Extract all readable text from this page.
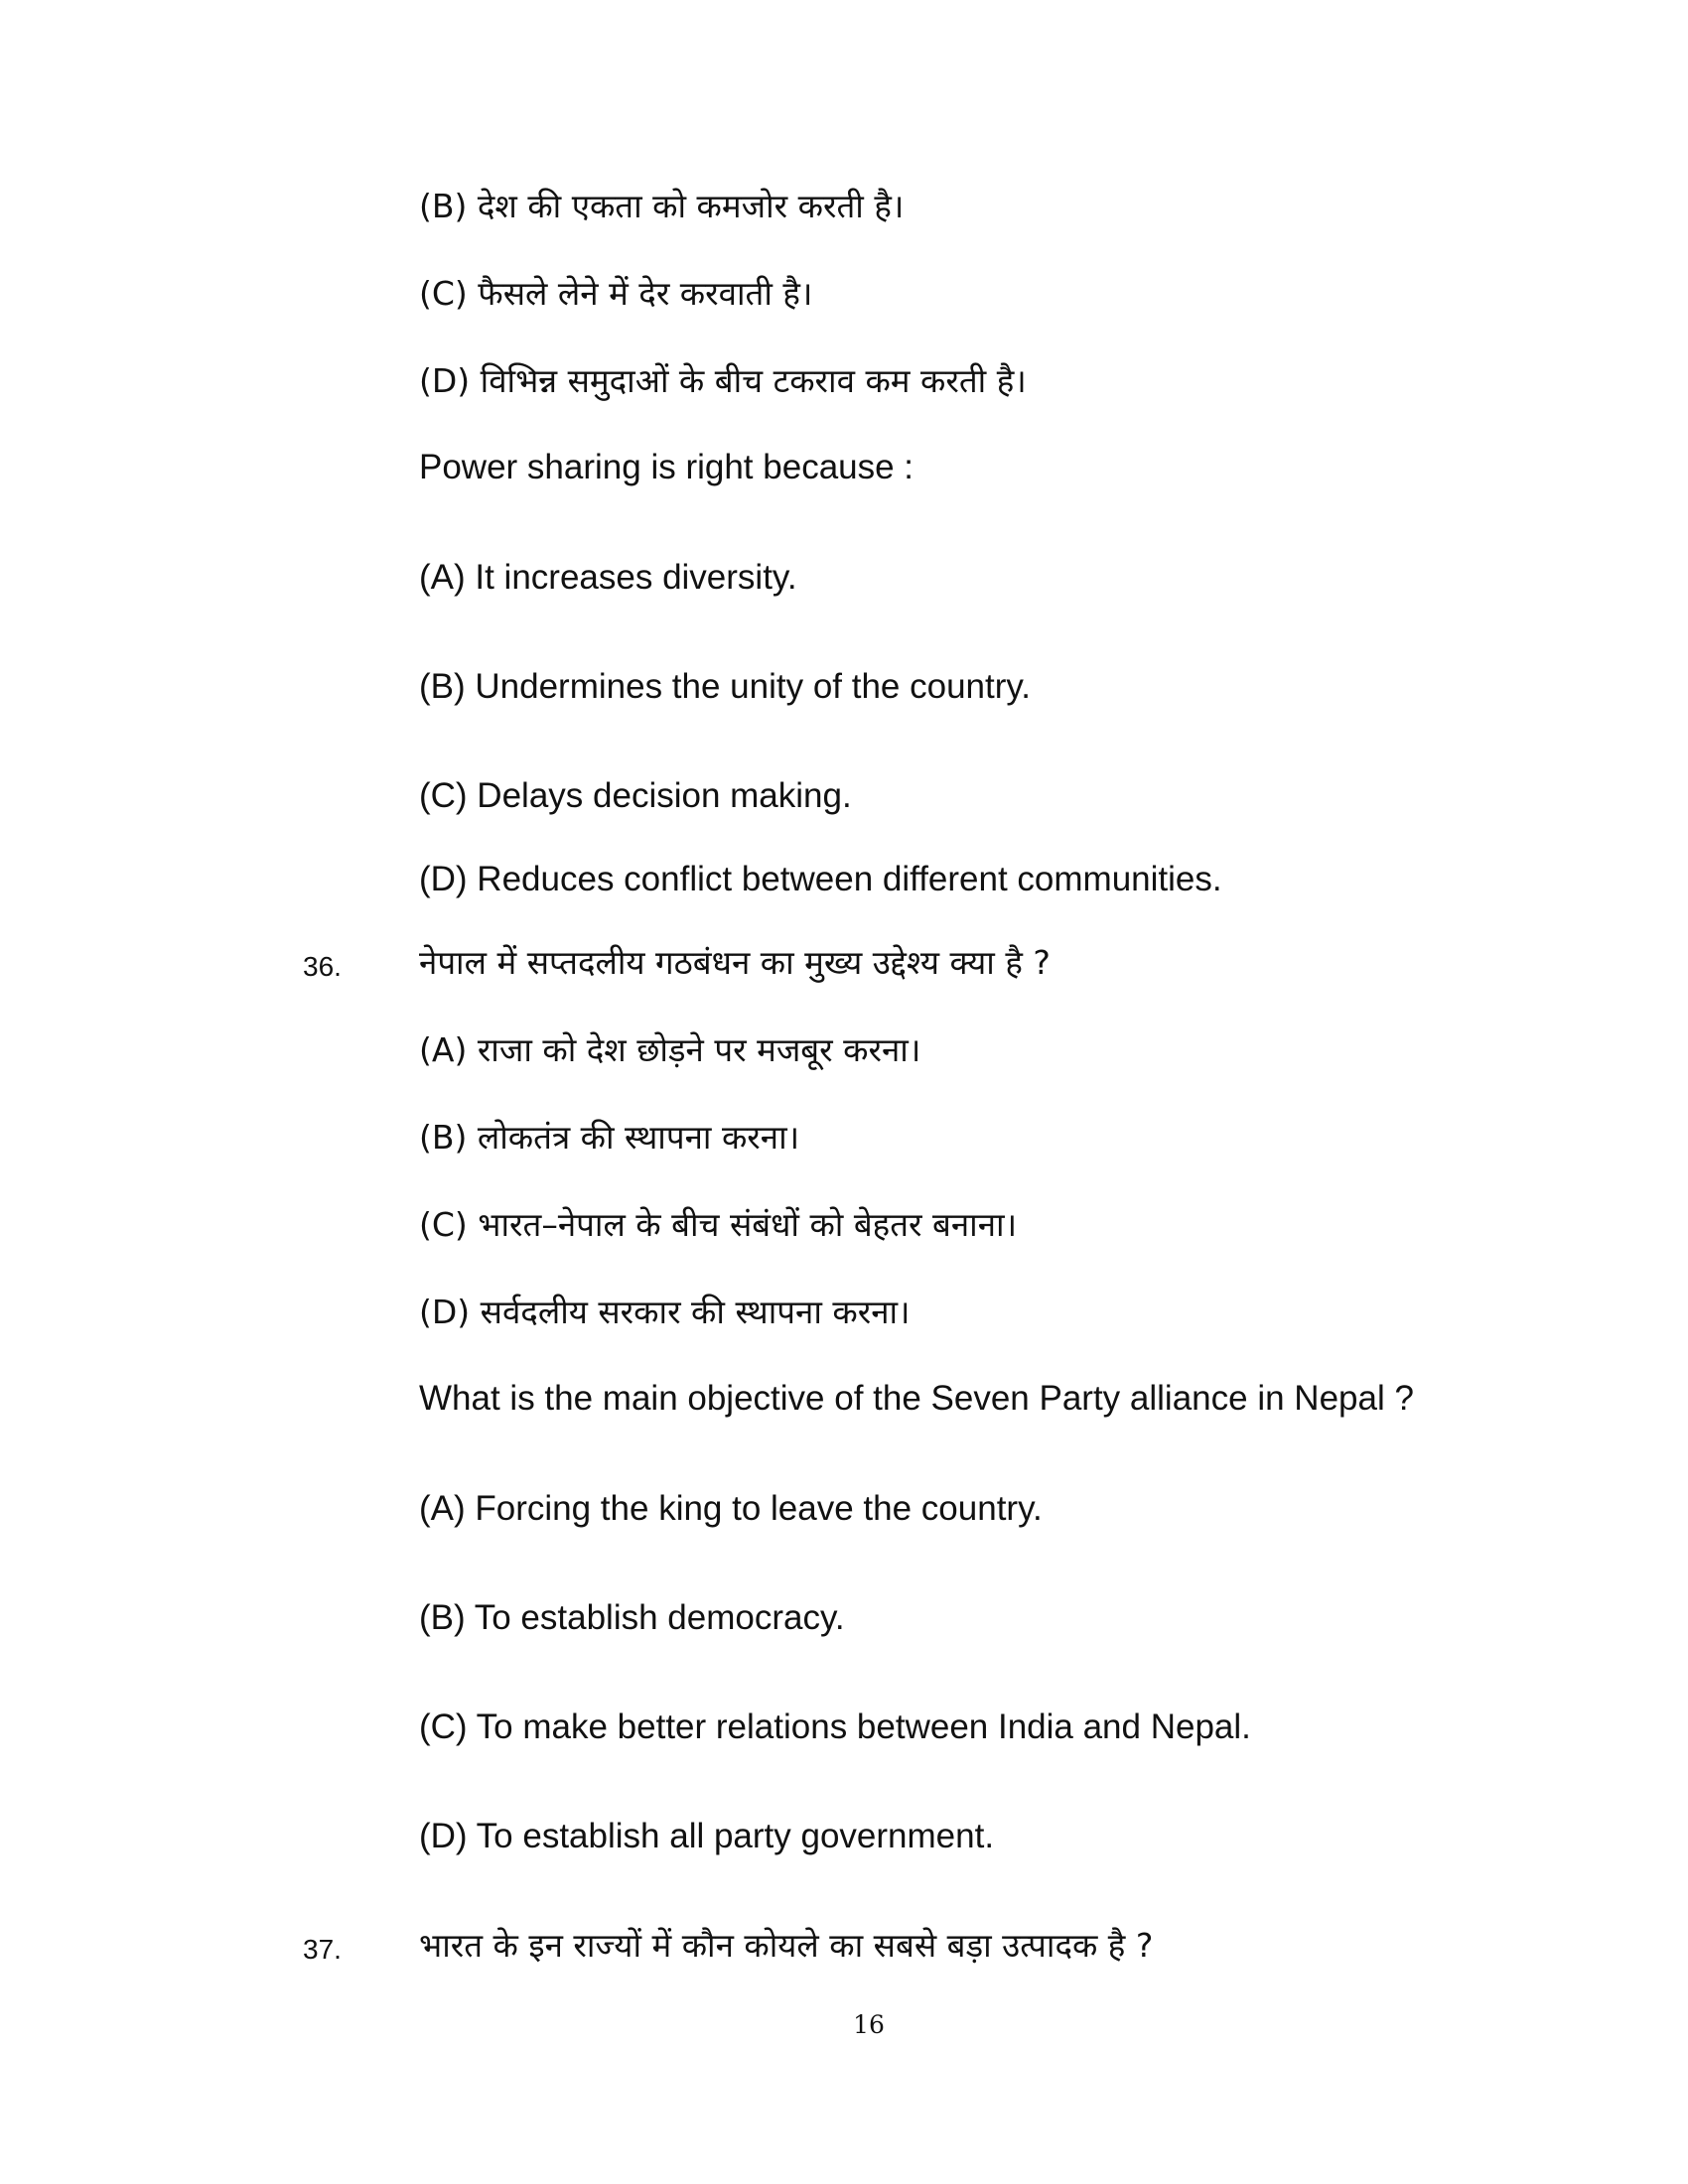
(B) देश की एकता को कमजोर करती है।
(C) फैसले लेने में देर करवाती है।
(D) विभिन्न समुदाओं के बीच टकराव कम करती है।
Power sharing is right because :
(A) It increases diversity.
(B) Undermines the unity of the country.
(C) Delays decision making.
(D) Reduces conflict between different communities.
36. नेपाल में सप्तदलीय गठबंधन का मुख्य उद्देश्य क्या है ?
(A) राजा को देश छोड़ने पर मजबूर करना।
(B) लोकतंत्र की स्थापना करना।
(C) भारत–नेपाल के बीच संबंधों को बेहतर बनाना।
(D) सर्वदलीय सरकार की स्थापना करना।
What is the main objective of the Seven Party alliance in Nepal ?
(A) Forcing the king to leave the country.
(B) To establish democracy.
(C) To make better relations between India and Nepal.
(D) To establish all party government.
37. भारत के इन राज्यों में कौन कोयले का सबसे बड़ा उत्पादक है ?
16
